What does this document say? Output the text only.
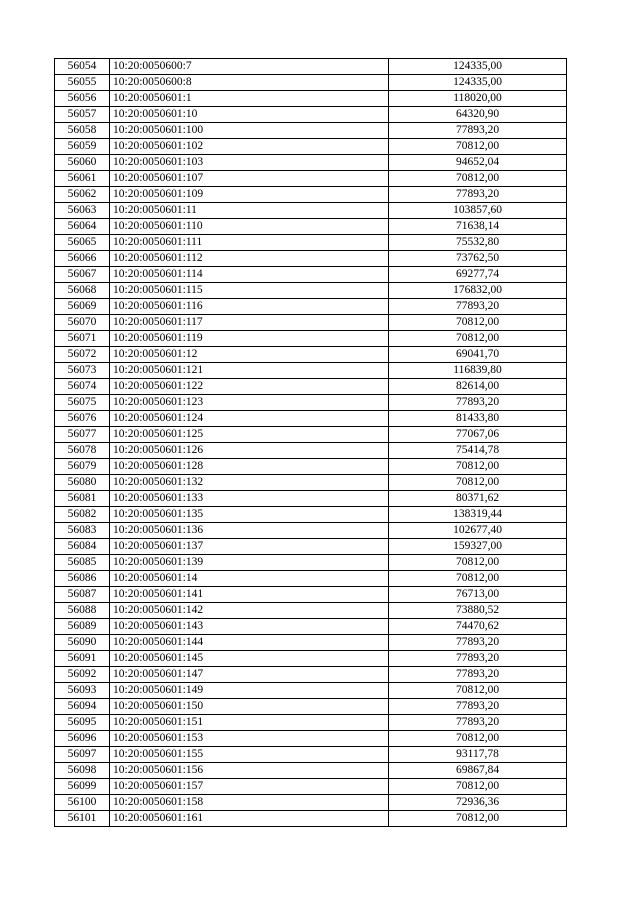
56054	10:20:0050600:7	124335,00
56055	10:20:0050600:8	124335,00
56056	10:20:0050601:1	118020,00
56057	10:20:0050601:10	64320,90
56058	10:20:0050601:100	77893,20
56059	10:20:0050601:102	70812,00
56060	10:20:0050601:103	94652,04
56061	10:20:0050601:107	70812,00
56062	10:20:0050601:109	77893,20
56063	10:20:0050601:11	103857,60
56064	10:20:0050601:110	71638,14
56065	10:20:0050601:111	75532,80
56066	10:20:0050601:112	73762,50
56067	10:20:0050601:114	69277,74
56068	10:20:0050601:115	176832,00
56069	10:20:0050601:116	77893,20
56070	10:20:0050601:117	70812,00
56071	10:20:0050601:119	70812,00
56072	10:20:0050601:12	69041,70
56073	10:20:0050601:121	116839,80
56074	10:20:0050601:122	82614,00
56075	10:20:0050601:123	77893,20
56076	10:20:0050601:124	81433,80
56077	10:20:0050601:125	77067,06
56078	10:20:0050601:126	75414,78
56079	10:20:0050601:128	70812,00
56080	10:20:0050601:132	70812,00
56081	10:20:0050601:133	80371,62
56082	10:20:0050601:135	138319,44
56083	10:20:0050601:136	102677,40
56084	10:20:0050601:137	159327,00
56085	10:20:0050601:139	70812,00
56086	10:20:0050601:14	70812,00
56087	10:20:0050601:141	76713,00
56088	10:20:0050601:142	73880,52
56089	10:20:0050601:143	74470,62
56090	10:20:0050601:144	77893,20
56091	10:20:0050601:145	77893,20
56092	10:20:0050601:147	77893,20
56093	10:20:0050601:149	70812,00
56094	10:20:0050601:150	77893,20
56095	10:20:0050601:151	77893,20
56096	10:20:0050601:153	70812,00
56097	10:20:0050601:155	93117,78
56098	10:20:0050601:156	69867,84
56099	10:20:0050601:157	70812,00
56100	10:20:0050601:158	72936,36
56101	10:20:0050601:161	70812,00
